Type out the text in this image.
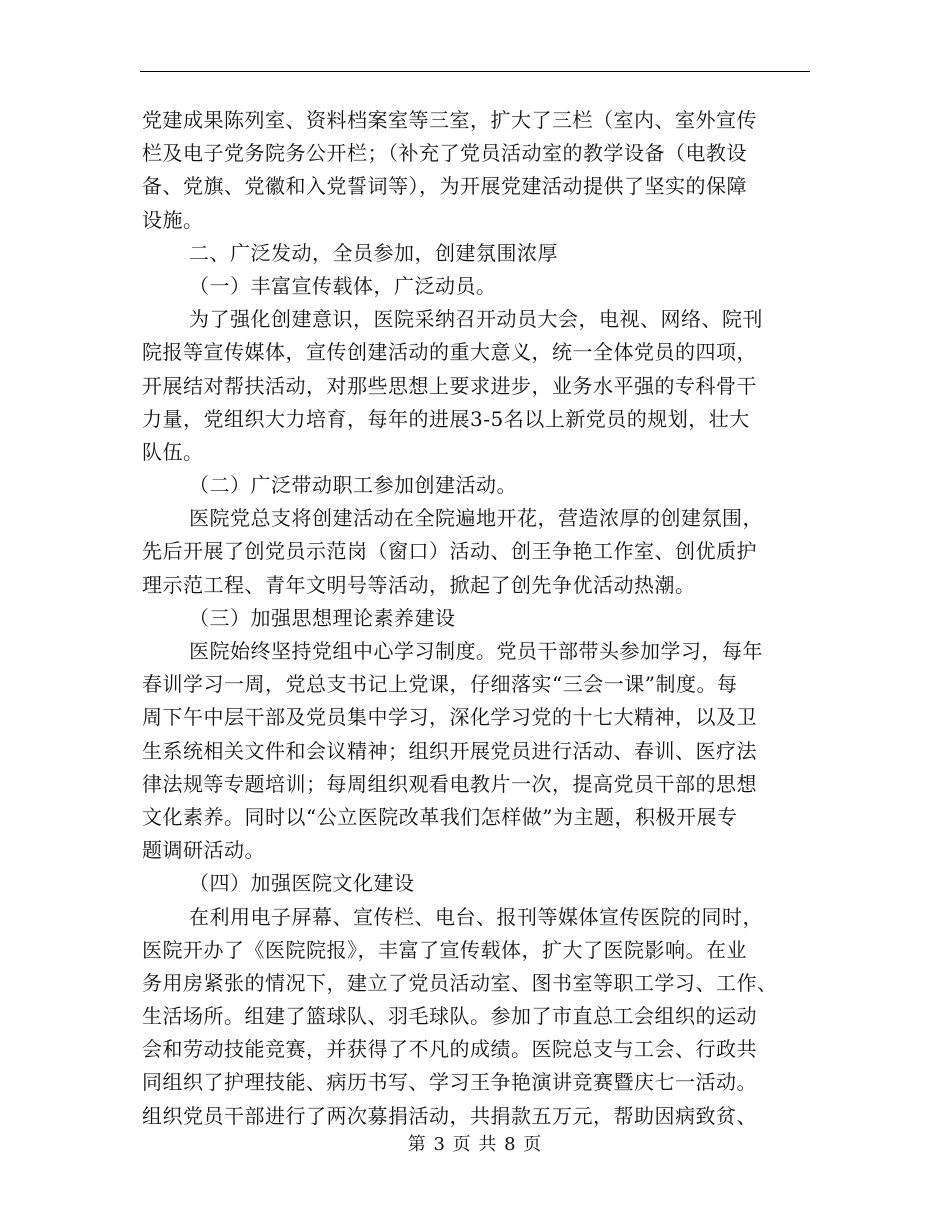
党建成果陈列室、资料档案室等三室，扩大了三栏（室内、室外宣传
栏及电子党务院务公开栏；（补充了党员活动室的教学设备（电教设
备、党旗、党徽和入党誓词等），为开展党建活动提供了坚实的保障
设施。
二、广泛发动，全员参加，创建氛围浓厚
（一）丰富宣传载体，广泛动员。
为了强化创建意识，医院采纳召开动员大会，电视、网络、院刊
院报等宣传媒体，宣传创建活动的重大意义，统一全体党员的四项，
开展结对帮扶活动，对那些思想上要求进步，业务水平强的专科骨干
力量，党组织大力培育，每年的进展3-5名以上新党员的规划，壮大
队伍。
（二）广泛带动职工参加创建活动。
医院党总支将创建活动在全院遍地开花，营造浓厚的创建氛围，
先后开展了创党员示范岗（窗口）活动、创王争艳工作室、创优质护
理示范工程、青年文明号等活动，掀起了创先争优活动热潮。
（三）加强思想理论素养建设
医院始终坚持党组中心学习制度。党员干部带头参加学习，每年
春训学习一周，党总支书记上党课，仔细落实“三会一课”制度。每
周下午中层干部及党员集中学习，深化学习党的十七大精神，以及卫
生系统相关文件和会议精神；组织开展党员进行活动、春训、医疗法
律法规等专题培训；每周组织观看电教片一次，提高党员干部的思想
文化素养。同时以“公立医院改革我们怎样做”为主题，积极开展专
题调研活动。
（四）加强医院文化建设
在利用电子屏幕、宣传栏、电台、报刊等媒体宣传医院的同时，
医院开办了《医院院报》，丰富了宣传载体，扩大了医院影响。在业
务用房紧张的情况下，建立了党员活动室、图书室等职工学习、工作、
生活场所。组建了篮球队、羽毛球队。参加了市直总工会组织的运动
会和劳动技能竞赛，并获得了不凡的成绩。医院总支与工会、行政共
同组织了护理技能、病历书写、学习王争艳演讲竞赛暨庆七一活动。
组织党员干部进行了两次募捐活动，共捐款五万元，帮助因病致贫、
第 3 页 共 8 页
